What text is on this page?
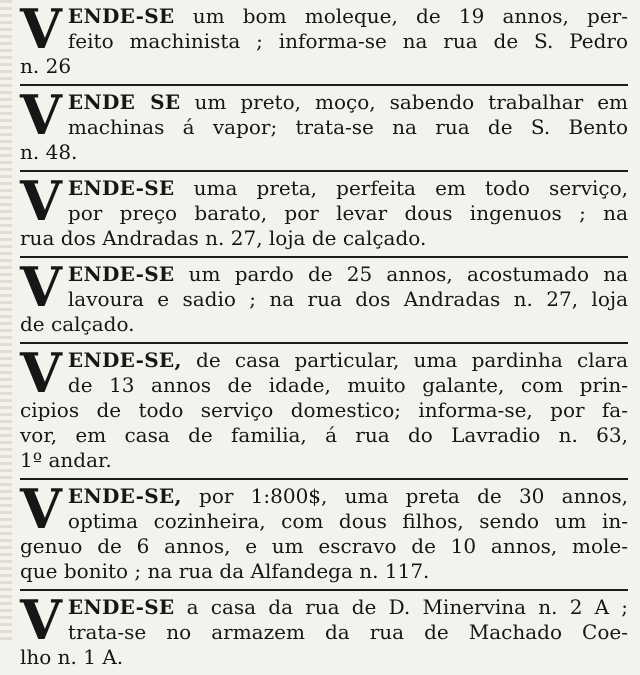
V ENDE-SE um bom moleque, de 19 annos, per-
feito machinista ; informa-se na rua de S. Pedro
n. 26
V ENDE SE um preto, moço, sabendo trabalhar em
machinas á vapor; trata-se na rua de S. Bento
n. 48.
V ENDE-SE uma preta, perfeita em todo serviço,
por preço barato, por levar dous ingenuos ; na
rua dos Andradas n. 27, loja de calçado.
V ENDE-SE um pardo de 25 annos, acostumado na
lavoura e sadio ; na rua dos Andradas n. 27, loja
de calçado.
V ENDE-SE, de casa particular, uma pardinha clara
de 13 annos de idade, muito galante, com prin-
cipios de todo serviço domestico; informa-se, por fa-
vor, em casa de familia, á rua do Lavradio n. 63,
1º andar.
V ENDE-SE, por 1:800$, uma preta de 30 annos,
optima cozinheira, com dous filhos, sendo um in-
genuo de 6 annos, e um escravo de 10 annos, mole-
que bonito ; na rua da Alfandega n. 117.
V ENDE-SE a casa da rua de D. Minervina n. 2 A ;
trata-se no armazem da rua de Machado Coe-
lho n. 1 A.
